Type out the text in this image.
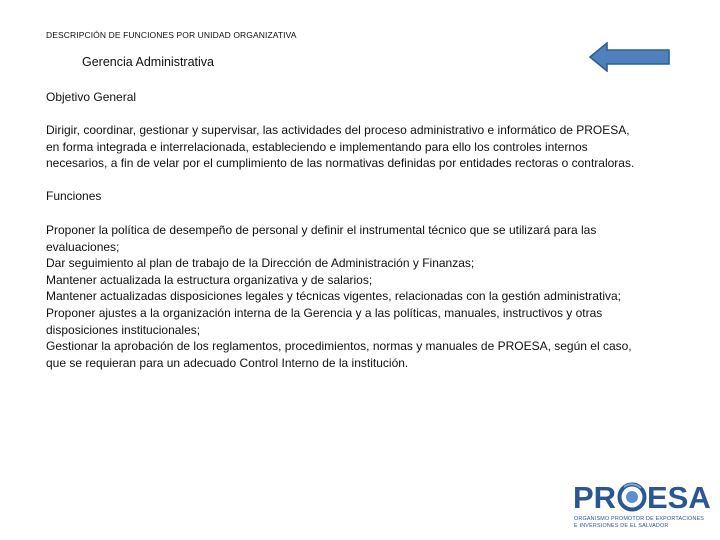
DESCRIPCIÓN DE FUNCIONES POR UNIDAD ORGANIZATIVA
Gerencia Administrativa
Objetivo General
Dirigir, coordinar, gestionar y supervisar, las actividades del proceso administrativo e informático de PROESA,
en forma integrada e interrelacionada, estableciendo e implementando para ello los controles internos
necesarios, a fin de velar por el cumplimiento de las normativas definidas por entidades rectoras o contraloras.
Funciones
Proponer la política de desempeño de personal y definir el instrumental técnico que se utilizará para las
evaluaciones;
Dar seguimiento al plan de trabajo de la Dirección de Administración y Finanzas;
Mantener actualizada la estructura organizativa y de salarios;
Mantener actualizadas disposiciones legales y técnicas vigentes, relacionadas con la gestión administrativa;
Proponer ajustes a la organización interna de la Gerencia y a las políticas, manuales, instructivos y otras
disposiciones institucionales;
Gestionar la aprobación de los reglamentos, procedimientos, normas y manuales de PROESA, según el caso,
que se requieran para un adecuado Control Interno de la institución.
PR ESA
ORGANISMO PROMOTOR DE EXPORTACIONES
E INVERSIONES DE EL SALVADOR
